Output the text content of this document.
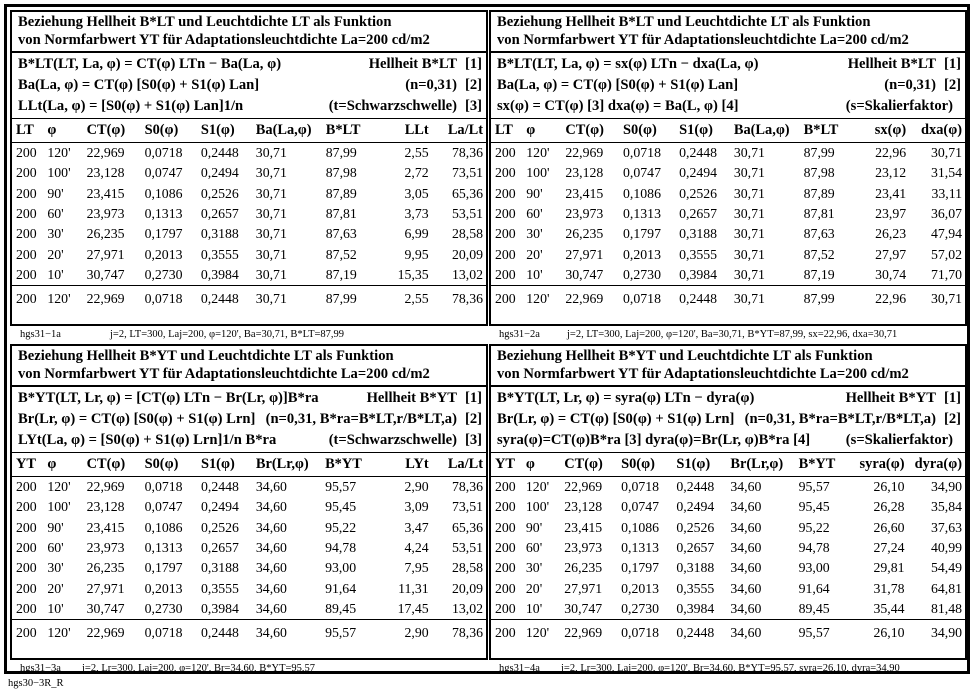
Beziehung Hellheit B*LT und Leuchtdichte LT als Funktion
von Normfarbwert YT für Adaptationsleuchtdichte La=200 cd/m2
B*LT(LT, La, φ) = CT(φ) LTn − Ba(La, φ)	Hellheit B*LT [1]
Ba(La, φ) = CT(φ) [S0(φ) + S1(φ) Lan]	(n=0,31) [2]
LLt(La, φ) = [S0(φ) + S1(φ) Lan]1/n	(t=Schwarzschwelle) [3]
LT	φ	CT(φ)	S0(φ)	S1(φ)	Ba(La,φ)	B*LT	LLt	La/Lt
200	120'	22,969	0,0718	0,2448	30,71	87,99	2,55	78,36
200	100'	23,128	0,0747	0,2494	30,71	87,98	2,72	73,51
200	90'	23,415	0,1086	0,2526	30,71	87,89	3,05	65,36
200	60'	23,973	0,1313	0,2657	30,71	87,81	3,73	53,51
200	30'	26,235	0,1797	0,3188	30,71	87,63	6,99	28,58
200	20'	27,971	0,2013	0,3555	30,71	87,52	9,95	20,09
200	10'	30,747	0,2730	0,3984	30,71	87,19	15,35	13,02
200	120'	22,969	0,0718	0,2448	30,71	87,99	2,55	78,36
hgs31−1a	j=2, LT=300, Laj=200, φ=120', Ba=30,71, B*LT=87,99
Beziehung Hellheit B*LT und Leuchtdichte LT als Funktion
von Normfarbwert YT für Adaptationsleuchtdichte La=200 cd/m2
B*LT(LT, La, φ) = sx(φ) LTn − dxa(La, φ)	Hellheit B*LT [1]
Ba(La, φ) = CT(φ) [S0(φ) + S1(φ) Lan]	(n=0,31) [2]
sx(φ) = CT(φ) [3] dxa(φ) = Ba(L, φ) [4]	(s=Skalierfaktor)
LT	φ	CT(φ)	S0(φ)	S1(φ)	Ba(La,φ)	B*LT	sx(φ)	dxa(φ)
200	120'	22,969	0,0718	0,2448	30,71	87,99	22,96	30,71
200	100'	23,128	0,0747	0,2494	30,71	87,98	23,12	31,54
200	90'	23,415	0,1086	0,2526	30,71	87,89	23,41	33,11
200	60'	23,973	0,1313	0,2657	30,71	87,81	23,97	36,07
200	30'	26,235	0,1797	0,3188	30,71	87,63	26,23	47,94
200	20'	27,971	0,2013	0,3555	30,71	87,52	27,97	57,02
200	10'	30,747	0,2730	0,3984	30,71	87,19	30,74	71,70
200	120'	22,969	0,0718	0,2448	30,71	87,99	22,96	30,71
hgs31−2a	j=2, LT=300, Laj=200, φ=120', Ba=30,71, B*YT=87,99, sx=22,96, dxa=30,71
Beziehung Hellheit B*YT und Leuchtdichte LT als Funktion
von Normfarbwert YT für Adaptationsleuchtdichte La=200 cd/m2
B*YT(LT, Lr, φ) = [CT(φ) LTn − Br(Lr, φ)]B*ra	Hellheit B*YT [1]
Br(Lr, φ) = CT(φ) [S0(φ) + S1(φ) Lrn] (n=0,31, B*ra=B*LT,r/B*LT,a) [2]
LYt(La, φ) = [S0(φ) + S1(φ) Lrn]1/n B*ra	(t=Schwarzschwelle) [3]
YT	φ	CT(φ)	S0(φ)	S1(φ)	Br(Lr,φ)	B*YT	LYt	La/Lt
200	120'	22,969	0,0718	0,2448	34,60	95,57	2,90	78,36
200	100'	23,128	0,0747	0,2494	34,60	95,45	3,09	73,51
200	90'	23,415	0,1086	0,2526	34,60	95,22	3,47	65,36
200	60'	23,973	0,1313	0,2657	34,60	94,78	4,24	53,51
200	30'	26,235	0,1797	0,3188	34,60	93,00	7,95	28,58
200	20'	27,971	0,2013	0,3555	34,60	91,64	11,31	20,09
200	10'	30,747	0,2730	0,3984	34,60	89,45	17,45	13,02
200	120'	22,969	0,0718	0,2448	34,60	95,57	2,90	78,36
hgs31−3a j=2, Lr=300, Laj=200, φ=120', Br=34,60, B*YT=95,57
Beziehung Hellheit B*YT und Leuchtdichte LT als Funktion
von Normfarbwert YT für Adaptationsleuchtdichte La=200 cd/m2
B*YT(LT, Lr, φ) = syra(φ) LTn − dyra(φ)	Hellheit B*YT [1]
Br(Lr, φ) = CT(φ) [S0(φ) + S1(φ) Lrn] (n=0,31, B*ra=B*LT,r/B*LT,a) [2]
syra(φ)=CT(φ)B*ra [3] dyra(φ)=Br(Lr, φ)B*ra [4] (s=Skalierfaktor)
YT	φ	CT(φ)	S0(φ)	S1(φ)	Br(Lr,φ)	B*YT	syra(φ)	dyra(φ)
200	120'	22,969	0,0718	0,2448	34,60	95,57	26,10	34,90
200	100'	23,128	0,0747	0,2494	34,60	95,45	26,28	35,84
200	90'	23,415	0,1086	0,2526	34,60	95,22	26,60	37,63
200	60'	23,973	0,1313	0,2657	34,60	94,78	27,24	40,99
200	30'	26,235	0,1797	0,3188	34,60	93,00	29,81	54,49
200	20'	27,971	0,2013	0,3555	34,60	91,64	31,78	64,81
200	10'	30,747	0,2730	0,3984	34,60	89,45	35,44	81,48
200	120'	22,969	0,0718	0,2448	34,60	95,57	26,10	34,90
hgs31−4a j=2, Lr=300, Laj=200, φ=120', Br=34,60, B*YT=95,57, syra=26,10, dyra=34,90
hgs30−3R_R
